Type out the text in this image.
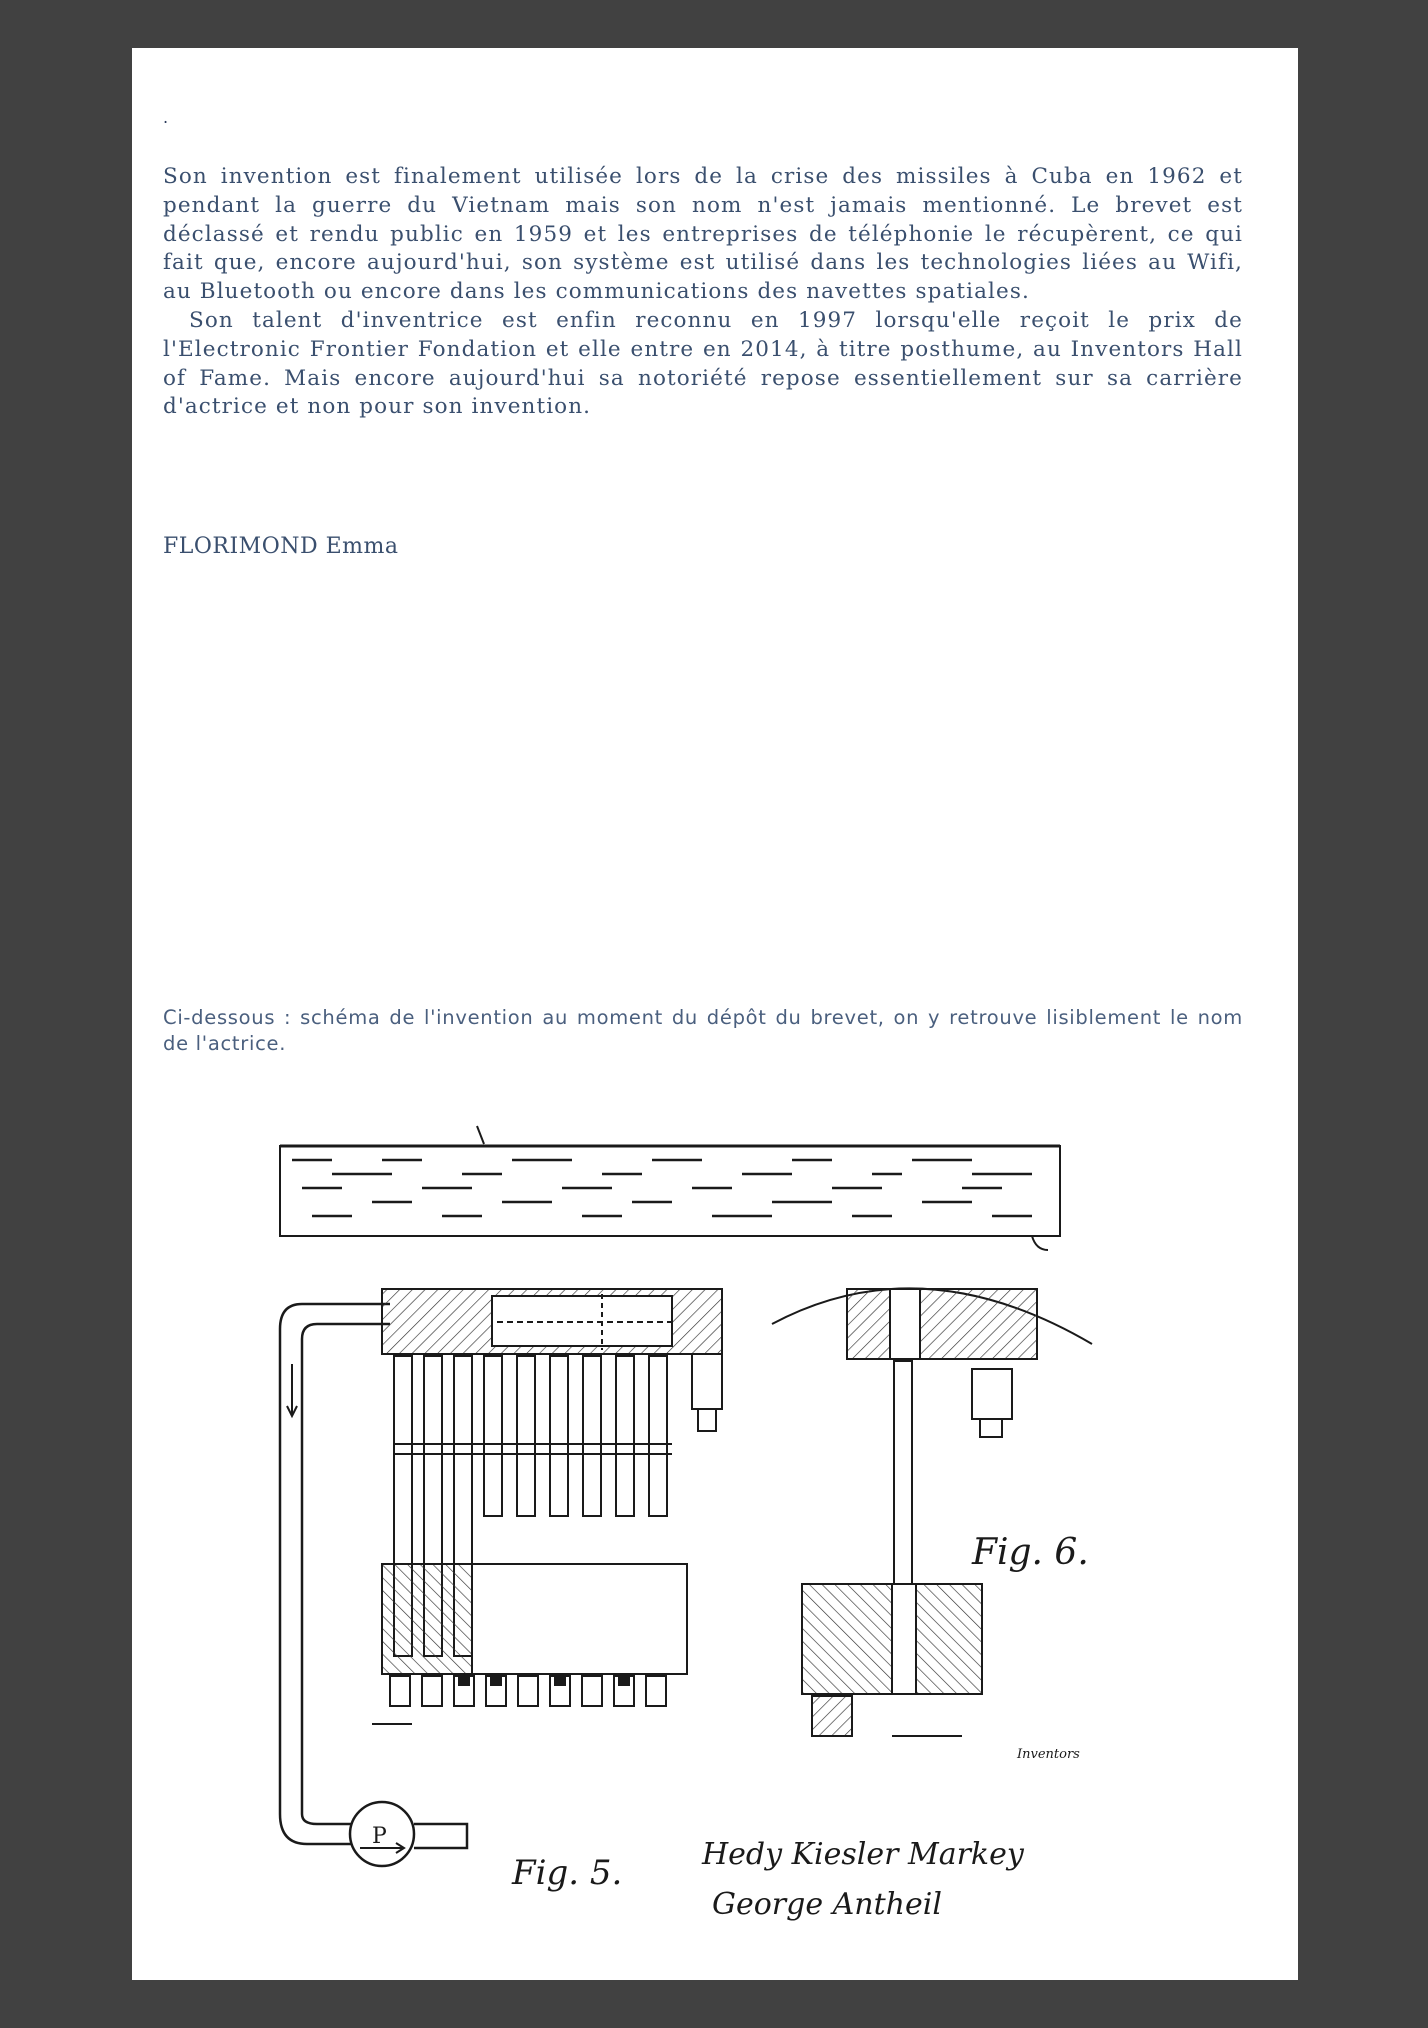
.

Son invention est finalement utilisée lors de la crise des missiles à Cuba en 1962 et pendant la guerre du Vietnam mais son nom n'est jamais mentionné. Le brevet est déclassé et rendu public en 1959 et les entreprises de téléphonie le récupèrent, ce qui fait que, encore aujourd'hui, son système est utilisé dans les technologies liées au Wifi, au Bluetooth ou encore dans les communications des navettes spatiales.

Son talent d'inventrice est enfin reconnu en 1997 lorsqu'elle reçoit le prix de l'Electronic Frontier Fondation et elle entre en 2014, à titre posthume, au Inventors Hall of Fame. Mais encore aujourd'hui sa notoriété repose essentiellement sur sa carrière d'actrice et non pour son invention.

FLORIMOND Emma

Ci-dessous : schéma de l'invention au moment du dépôt du brevet, on y retrouve lisiblement le nom de l'actrice.

Fig. 5.
Fig. 6.
P
Hedy Kiesler Markey
George Antheil
Inventors
